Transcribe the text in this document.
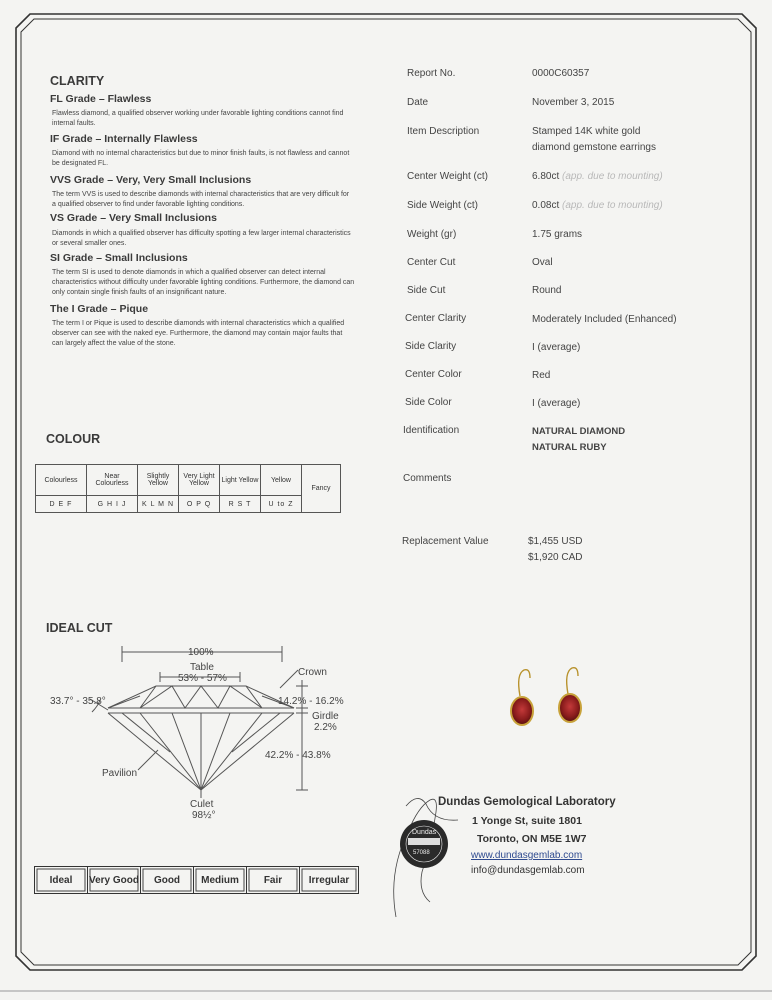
CLARITY
FL Grade – Flawless
Flawless diamond, a qualified observer working under favorable lighting conditions cannot find internal faults.
IF Grade – Internally Flawless
Diamond with no internal characteristics but due to minor finish faults, is not flawless and cannot be designated FL.
VVS Grade – Very, Very Small Inclusions
The term VVS is used to describe diamonds with internal characteristics that are very difficult for a qualified observer to find under favorable lighting conditions.
VS Grade – Very Small Inclusions
Diamonds in which a qualified observer has difficulty spotting a few larger internal characteristics or several smaller ones.
SI Grade – Small Inclusions
The term SI is used to denote diamonds in which a qualified observer can detect internal characteristics without difficulty under favorable lighting conditions. Furthermore, the diamond can only contain single finish faults of an insignificant nature.
The I Grade – Pique
The term I or Pique is used to describe diamonds with internal characteristics which a qualified observer can see with the naked eye. Furthermore, the diamond may contain major faults that can largely affect the value of the stone.
COLOUR
Colourless	Near Colourless	Slightly Yellow	Very Light Yellow	Light Yellow	Yellow	Fancy
D E F	G H I J	K L M N	O P Q	R S T	U to Z	
IDEAL CUT
100%
Table
53% - 57%
Crown
33.7° - 35.8°	14.2% - 16.2%
Girdle
2.2%
42.2% - 43.8%
Pavilion
Culet
98½°
Ideal	Very Good	Good	Medium	Fair	Irregular
Report No.	0000C60357
Date	November 3, 2015
Item Description	Stamped 14K white gold
diamond gemstone earrings
Center Weight (ct)	6.80ct (app. due to mounting)
Side Weight (ct)	0.08ct (app. due to mounting)
Weight (gr)	1.75 grams
Center Cut	Oval
Side Cut	Round
Center Clarity	Moderately Included (Enhanced)
Side Clarity	I (average)
Center Color	Red
Side Color	I (average)
Identification	NATURAL DIAMOND
NATURAL RUBY
Comments
Replacement Value	$1,455 USD
$1,920 CAD
Dundas
57088
Dundas Gemological Laboratory
1 Yonge St, suite 1801
Toronto, ON M5E 1W7
www.dundasgemlab.com
info@dundasgemlab.com
